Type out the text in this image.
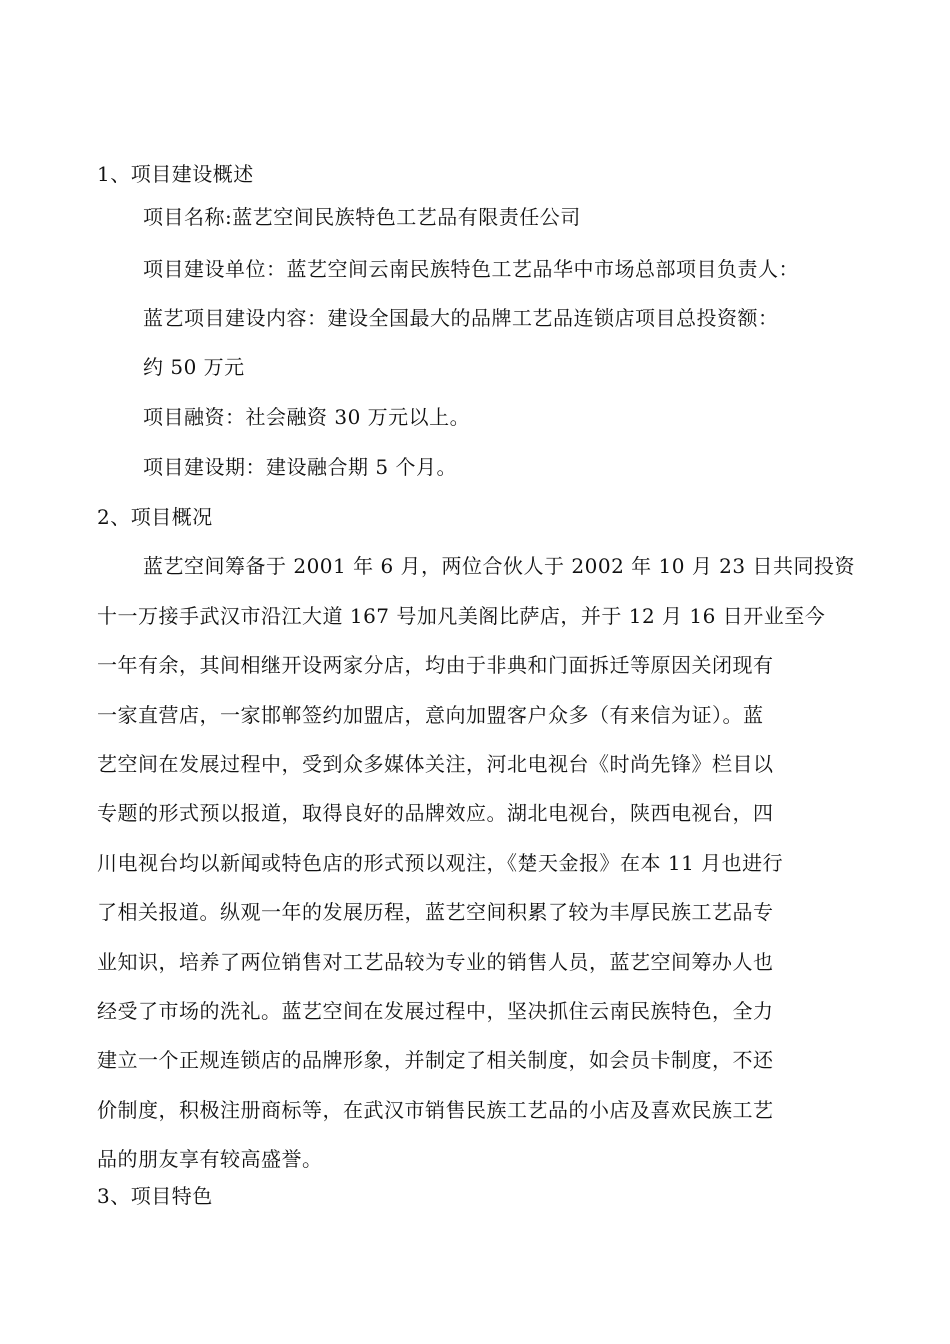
1、项目建设概述
项目名称:蓝艺空间民族特色工艺品有限责任公司
项目建设单位：蓝艺空间云南民族特色工艺品华中市场总部项目负责人：
蓝艺项目建设内容：建设全国最大的品牌工艺品连锁店项目总投资额：
约 50 万元
项目融资：社会融资 30 万元以上。
项目建设期：建设融合期 5 个月。
2、项目概况
蓝艺空间筹备于 2001 年 6 月，两位合伙人于 2002 年 10 月 23 日共同投资
十一万接手武汉市沿江大道 167 号加凡美阁比萨店，并于 12 月 16 日开业至今
一年有余，其间相继开设两家分店，均由于非典和门面拆迁等原因关闭现有
一家直营店，一家邯郸签约加盟店，意向加盟客户众多（有来信为证）。蓝
艺空间在发展过程中，受到众多媒体关注，河北电视台《时尚先锋》栏目以
专题的形式预以报道，取得良好的品牌效应。湖北电视台，陕西电视台，四
川电视台均以新闻或特色店的形式预以观注，《楚天金报》在本 11 月也进行
了相关报道。纵观一年的发展历程，蓝艺空间积累了较为丰厚民族工艺品专
业知识，培养了两位销售对工艺品较为专业的销售人员，蓝艺空间筹办人也
经受了市场的洗礼。蓝艺空间在发展过程中，坚决抓住云南民族特色，全力
建立一个正规连锁店的品牌形象，并制定了相关制度，如会员卡制度，不还
价制度，积极注册商标等，在武汉市销售民族工艺品的小店及喜欢民族工艺
品的朋友享有较高盛誉。
3、项目特色
